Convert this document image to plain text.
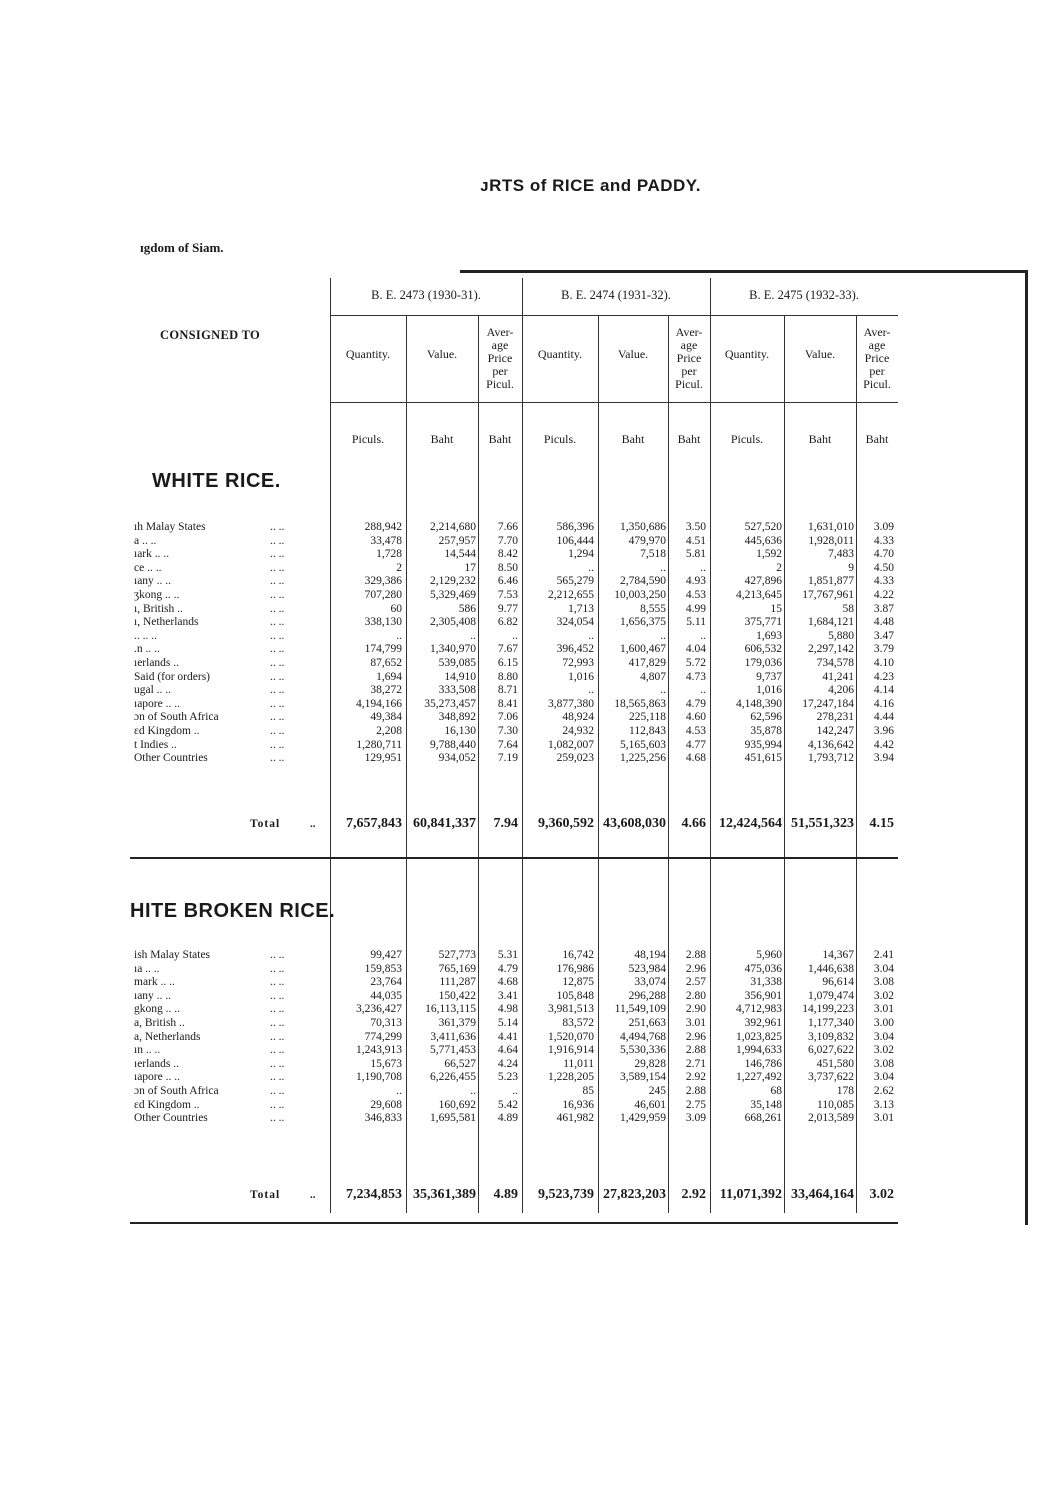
ᴊRTS of RICE and PADDY.
ɪgdom of Siam.
B. E. 2473 (1930-31).	B. E. 2474 (1931-32).	B. E. 2475 (1932-33).
CONSIGNED TO
Quantity.	Value.
Aver-
age
Price
per
Picul.
Quantity.	Value.
Aver-
age
Price
per
Picul.
Quantity.	Value.
Aver-
age
Price
per
Picul.
Piculs.	Baht	Baht	Piculs.	Baht	Baht	Piculs.	Baht	Baht
WHITE RICE.
ıh Malay States	.. ..	288,942	2,214,680	7.66	586,396	1,350,686	3.50	527,520	1,631,010	3.09
a .. ..	.. ..	33,478	257,957	7.70	106,444	479,970	4.51	445,636	1,928,011	4.33
ıark .. ..	.. ..	1,728	14,544	8.42	1,294	7,518	5.81	1,592	7,483	4.70
ce .. ..	.. ..	2	17	8.50	..	..	..	2	9	4.50
ıany .. ..	.. ..	329,386	2,129,232	6.46	565,279	2,784,590	4.93	427,896	1,851,877	4.33
ʒkong .. ..	.. ..	707,280	5,329,469	7.53	2,212,655	10,003,250	4.53	4,213,645	17,767,961	4.22
ı, British ..	.. ..	60	586	9.77	1,713	8,555	4.99	15	58	3.87
ı, Netherlands	.. ..	338,130	2,305,408	6.82	324,054	1,656,375	5.11	375,771	1,684,121	4.48
.. .. ..	.. ..	..	..	..	..	..	..	1,693	5,880	3.47
.n .. ..	.. ..	174,799	1,340,970	7.67	396,452	1,600,467	4.04	606,532	2,297,142	3.79
ıerlands ..	.. ..	87,652	539,085	6.15	72,993	417,829	5.72	179,036	734,578	4.10
Said (for orders)	.. ..	1,694	14,910	8.80	1,016	4,807	4.73	9,737	41,241	4.23
ugal .. ..	.. ..	38,272	333,508	8.71	..	..	..	1,016	4,206	4.14
ıapore .. ..	.. ..	4,194,166	35,273,457	8.41	3,877,380	18,565,863	4.79	4,148,390	17,247,184	4.16
ɔn of South Africa	.. ..	49,384	348,892	7.06	48,924	225,118	4.60	62,596	278,231	4.44
ɛd Kingdom ..	.. ..	2,208	16,130	7.30	24,932	112,843	4.53	35,878	142,247	3.96
t Indies ..	.. ..	1,280,711	9,788,440	7.64	1,082,007	5,165,603	4.77	935,994	4,136,642	4.42
Other Countries	.. ..	129,951	934,052	7.19	259,023	1,225,256	4.68	451,615	1,793,712	3.94
Total	..	7,657,843 60,841,337	7.94	9,360,592 43,608,030	4.66 12,424,564 51,551,323	4.15
HITE BROKEN RICE.
ish Malay States	.. ..	99,427	527,773	5.31	16,742	48,194	2.88	5,960	14,367	2.41
ıa .. ..	.. ..	159,853	765,169	4.79	176,986	523,984	2.96	475,036	1,446,638	3.04
mark .. ..	.. ..	23,764	111,287	4.68	12,875	33,074	2.57	31,338	96,614	3.08
ıany .. ..	.. ..	44,035	150,422	3.41	105,848	296,288	2.80	356,901	1,079,474	3.02
gkong .. ..	.. ..	3,236,427	16,113,115	4.98	3,981,513	11,549,109	2.90	4,712,983	14,199,223	3.01
a, British ..	.. ..	70,313	361,379	5.14	83,572	251,663	3.01	392,961	1,177,340	3.00
a, Netherlands	.. ..	774,299	3,411,636	4.41	1,520,070	4,494,768	2.96	1,023,825	3,109,832	3.04
ın .. ..	.. ..	1,243,913	5,771,453	4.64	1,916,914	5,530,336	2.88	1,994,633	6,027,622	3.02
ıerlands ..	.. ..	15,673	66,527	4.24	11,011	29,828	2.71	146,786	451,580	3.08
ıapore .. ..	.. ..	1,190,708	6,226,455	5.23	1,228,205	3,589,154	2.92	1,227,492	3,737,622	3.04
ɔn of South Africa	.. ..	..	..	..	85	245	2.88	68	178	2.62
ɛd Kingdom ..	.. ..	29,608	160,692	5.42	16,936	46,601	2.75	35,148	110,085	3.13
Other Countries	.. ..	346,833	1,695,581	4.89	461,982	1,429,959	3.09	668,261	2,013,589	3.01
Total	..	7,234,853 35,361,389	4.89	9,523,739 27,823,203	2.92 11,071,392 33,464,164	3.02
